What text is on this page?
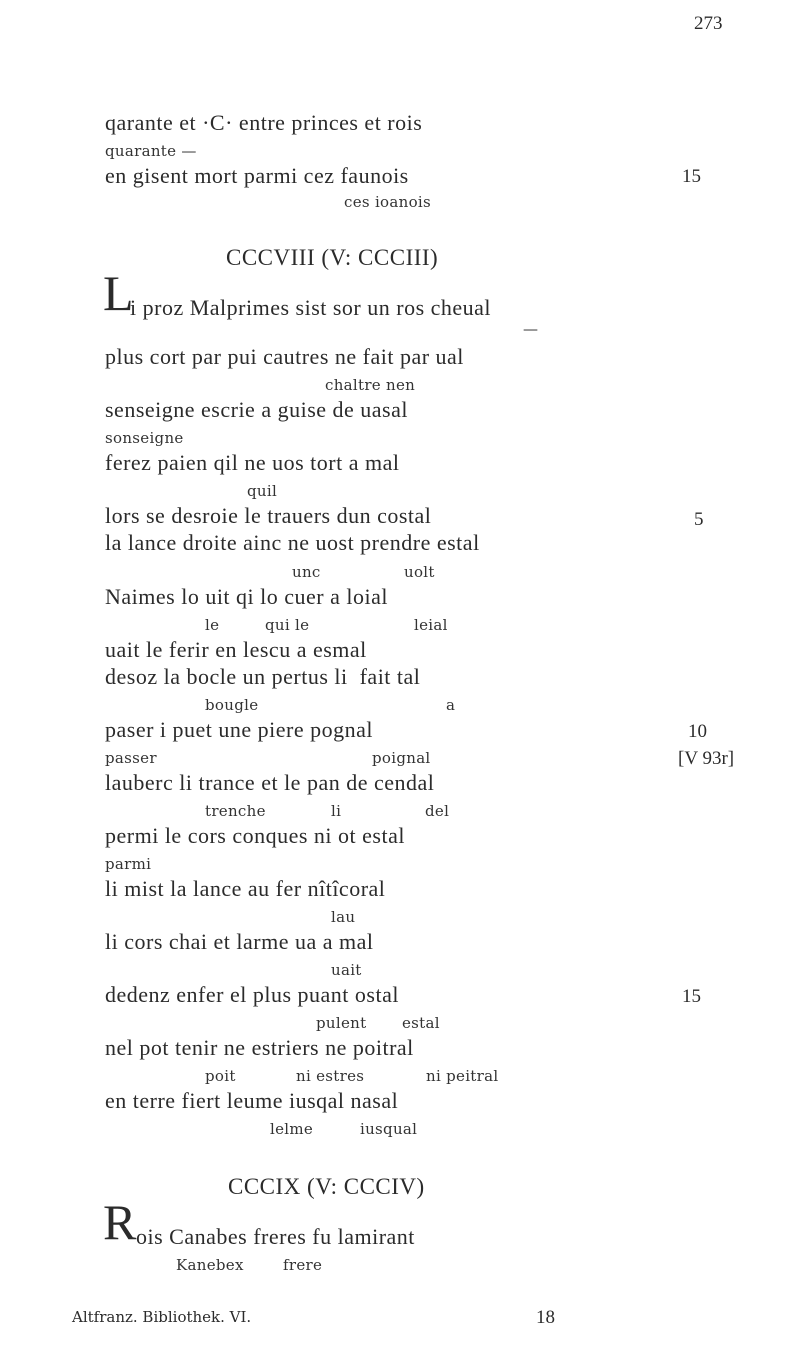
273
qarante et ·C· entre princes et rois
quarante —
en gisent mort parmi cez faunois	15
ces ioanois
CCCVIII (V: CCCIII)
L
i proz Malprimes sist sor un ros cheual
—
plus cort par pui cautres ne fait par ual
chaltre nen
senseigne escrie a guise de uasal
sonseigne
ferez paien qil ne uos tort a mal
quil
lors se desroie le trauers dun costal	5
la lance droite ainc ne uost prendre estal
unc	uolt
Naimes lo uit qi lo cuer a loial
le	qui le	leial
uait le ferir en lescu a esmal
desoz la bocle un pertus li  fait tal
bougle	a
paser i puet une piere pognal	10
passer	poignal	[V 93r]
lauberc li trance et le pan de cendal
trenche	li	del
permi le cors conques ni ot estal
parmi
li mist la lance au fer nîtîcoral
lau
li cors chai et larme ua a mal
uait
dedenz enfer el plus puant ostal	15
pulent estal
nel pot tenir ne estriers ne poitral
poit	ni estres	ni peitral
en terre fiert leume iusqal nasal
lelme	iusqual
CCCIX (V: CCCIV)
R ois Canabes freres fu lamirant
Kanebex	frere
Altfranz. Bibliothek. VI.	18
